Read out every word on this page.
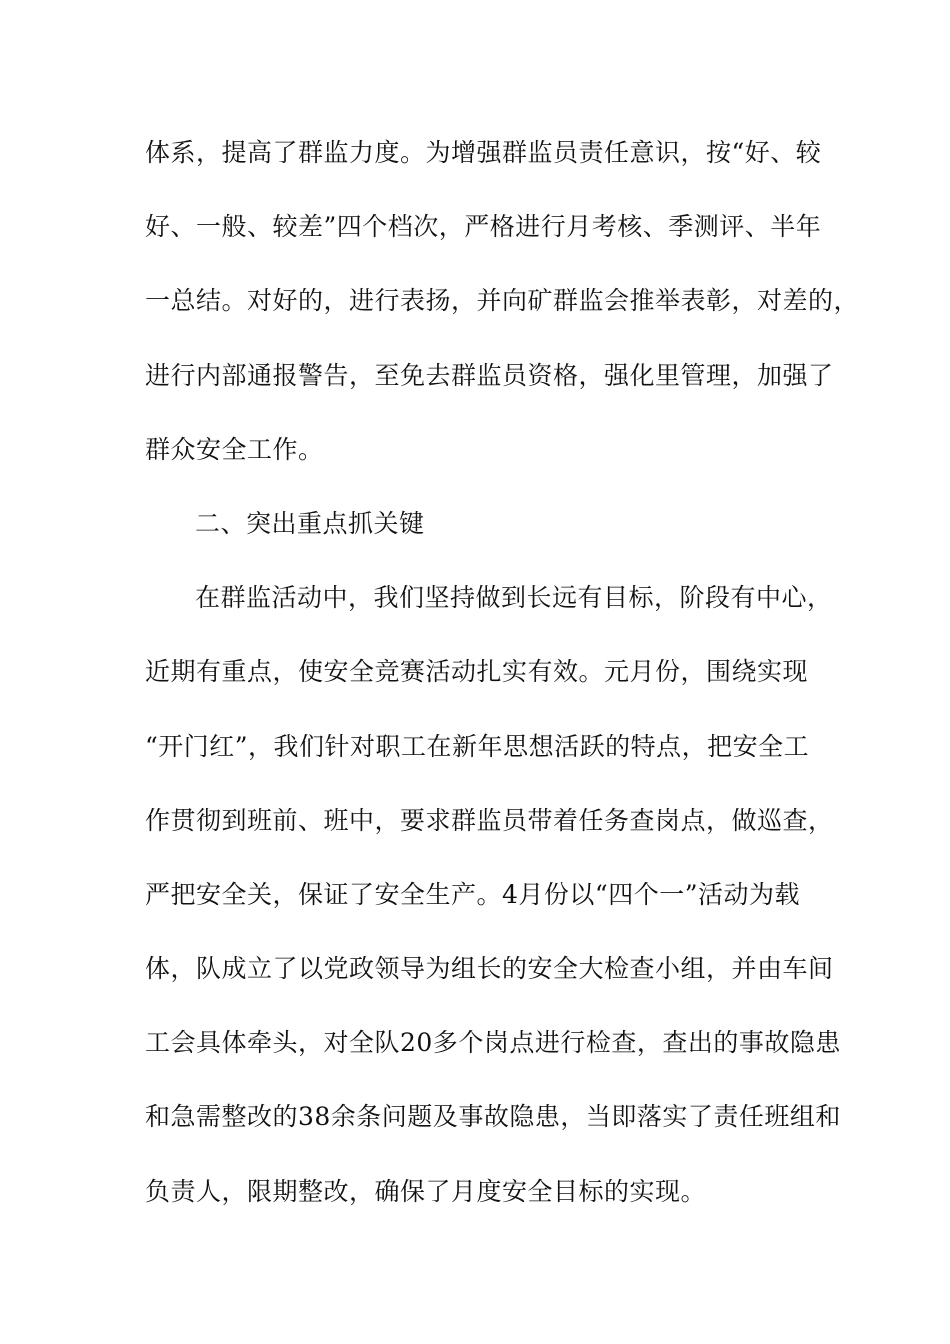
体系，提高了群监力度。为增强群监员责任意识，按“好、较
好、一般、较差”四个档次，严格进行月考核、季测评、半年
一总结。对好的，进行表扬，并向矿群监会推举表彰，对差的，
进行内部通报警告，至免去群监员资格，强化里管理，加强了
群众安全工作。
二、突出重点抓关键
在群监活动中，我们坚持做到长远有目标，阶段有中心，
近期有重点，使安全竞赛活动扎实有效。元月份，围绕实现
“开门红”，我们针对职工在新年思想活跃的特点，把安全工
作贯彻到班前、班中，要求群监员带着任务查岗点，做巡查，
严把安全关，保证了安全生产。4月份以“四个一”活动为载
体，队成立了以党政领导为组长的安全大检查小组，并由车间
工会具体牵头，对全队20多个岗点进行检查，查出的事故隐患
和急需整改的38余条问题及事故隐患，当即落实了责任班组和
负责人，限期整改，确保了月度安全目标的实现。
